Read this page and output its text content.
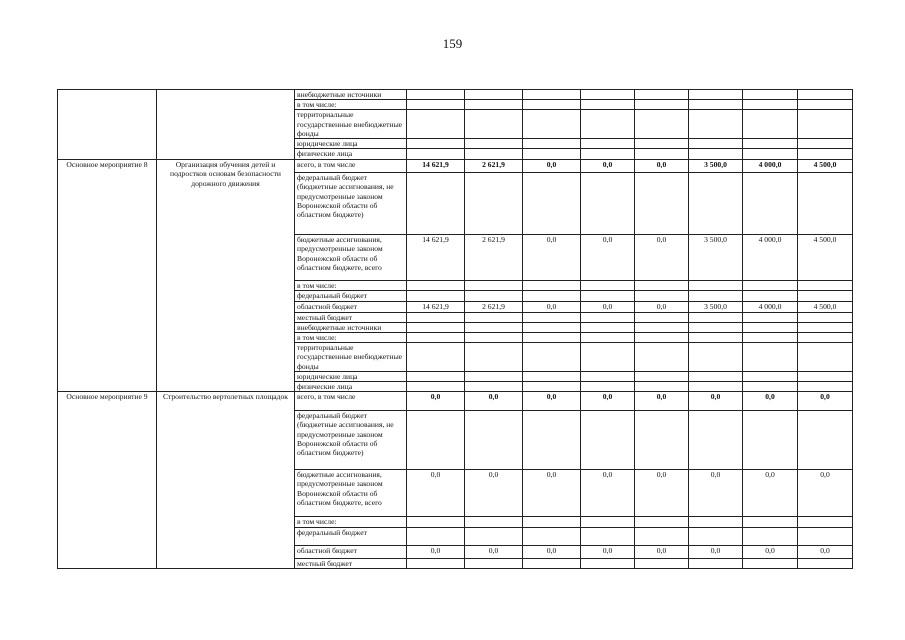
159
		внебюджетные источники								
		в том числе:								
		территориальные государственные внебюджетные фонды								
		юридические лица								
		физические лица								
Основное мероприятие 8	Организация обучения детей и подростков основам безопасности дорожного движения	всего, в том числе	14 621,9	2 621,9	0,0	0,0	0,0	3 500,0	4 000,0	4 500,0
		федеральный бюджет (бюджетные ассигнования, не предусмотренные законом Воронежской области об областном бюджете)								
		бюджетные ассигнования, предусмотренные законом Воронежской области об областном бюджете, всего	14 621,9	2 621,9	0,0	0,0	0,0	3 500,0	4 000,0	4 500,0
		в том числе:								
		федеральный бюджет								
		областной бюджет	14 621,9	2 621,9	0,0	0,0	0,0	3 500,0	4 000,0	4 500,0
		местный бюджет								
		внебюджетные источники								
		в том числе:								
		территориальные государственные внебюджетные фонды								
		юридические лица								
		физические лица								
Основное мероприятие 9	Строительство вертолетных площадок	всего, в том числе	0,0	0,0	0,0	0,0	0,0	0,0	0,0	0,0
		федеральный бюджет (бюджетные ассигнования, не предусмотренные законом Воронежской области об областном бюджете)								
		бюджетные ассигнования, предусмотренные законом Воронежской области об областном бюджете, всего	0,0	0,0	0,0	0,0	0,0	0,0	0,0	0,0
		в том числе:								
		федеральный бюджет								
		областной бюджет	0,0	0,0	0,0	0,0	0,0	0,0	0,0	0,0
		местный бюджет								
